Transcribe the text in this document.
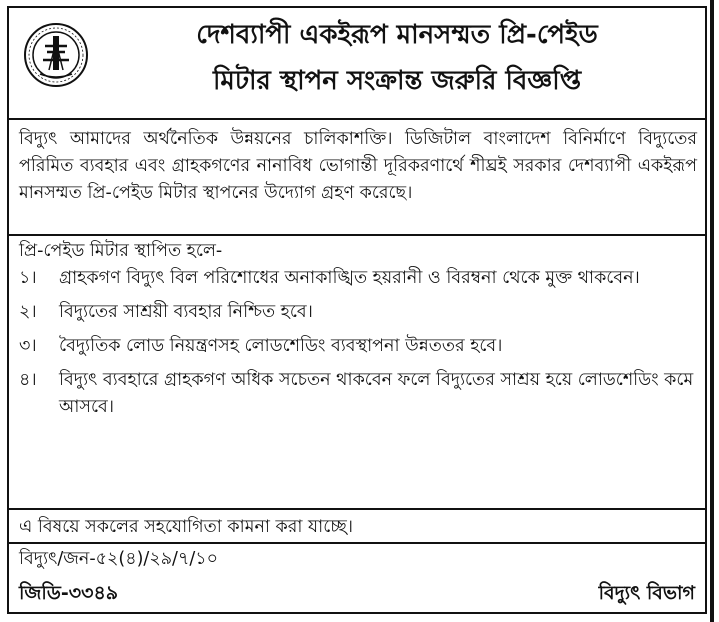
দেশব্যাপী একইরূপ মানসম্মত প্রি-পেইড
মিটার স্থাপন সংক্রান্ত জরুরি বিজ্ঞপ্তি
বিদ্যুৎ আমাদের অর্থনৈতিক উন্নয়নের চালিকাশক্তি। ডিজিটাল বাংলাদেশ বিনির্মাণে বিদ্যুতের পরিমিত ব্যবহার এবং গ্রাহকগণের নানাবিধ ভোগান্তী দূরিকরণার্থে শীঘ্রই সরকার দেশব্যাপী একইরূপ মানসম্মত প্রি-পেইড মিটার স্থাপনের উদ্যোগ গ্রহণ করেছে।
প্রি-পেইড মিটার স্থাপিত হলে-
১।	গ্রাহকগণ বিদ্যুৎ বিল পরিশোধের অনাকাঙ্খিত হয়রানী ও বিরম্বনা থেকে মুক্ত থাকবেন।
২।	বিদ্যুতের সাশ্রয়ী ব্যবহার নিশ্চিত হবে।
৩।	বৈদ্যুতিক লোড নিয়ন্ত্রণসহ লোডশেডিং ব্যবস্থাপনা উন্নততর হবে।
৪।	বিদ্যুৎ ব্যবহারে গ্রাহকগণ অধিক সচেতন থাকবেন ফলে বিদ্যুতের সাশ্রয় হয়ে লোডশেডিং কমে আসবে।
এ বিষয়ে সকলের সহযোগিতা কামনা করা যাচ্ছে।
বিদ্যুৎ/জন-৫২(৪)/২৯/৭/১০
জিডি-৩৩৪৯	বিদ্যুৎ বিভাগ
